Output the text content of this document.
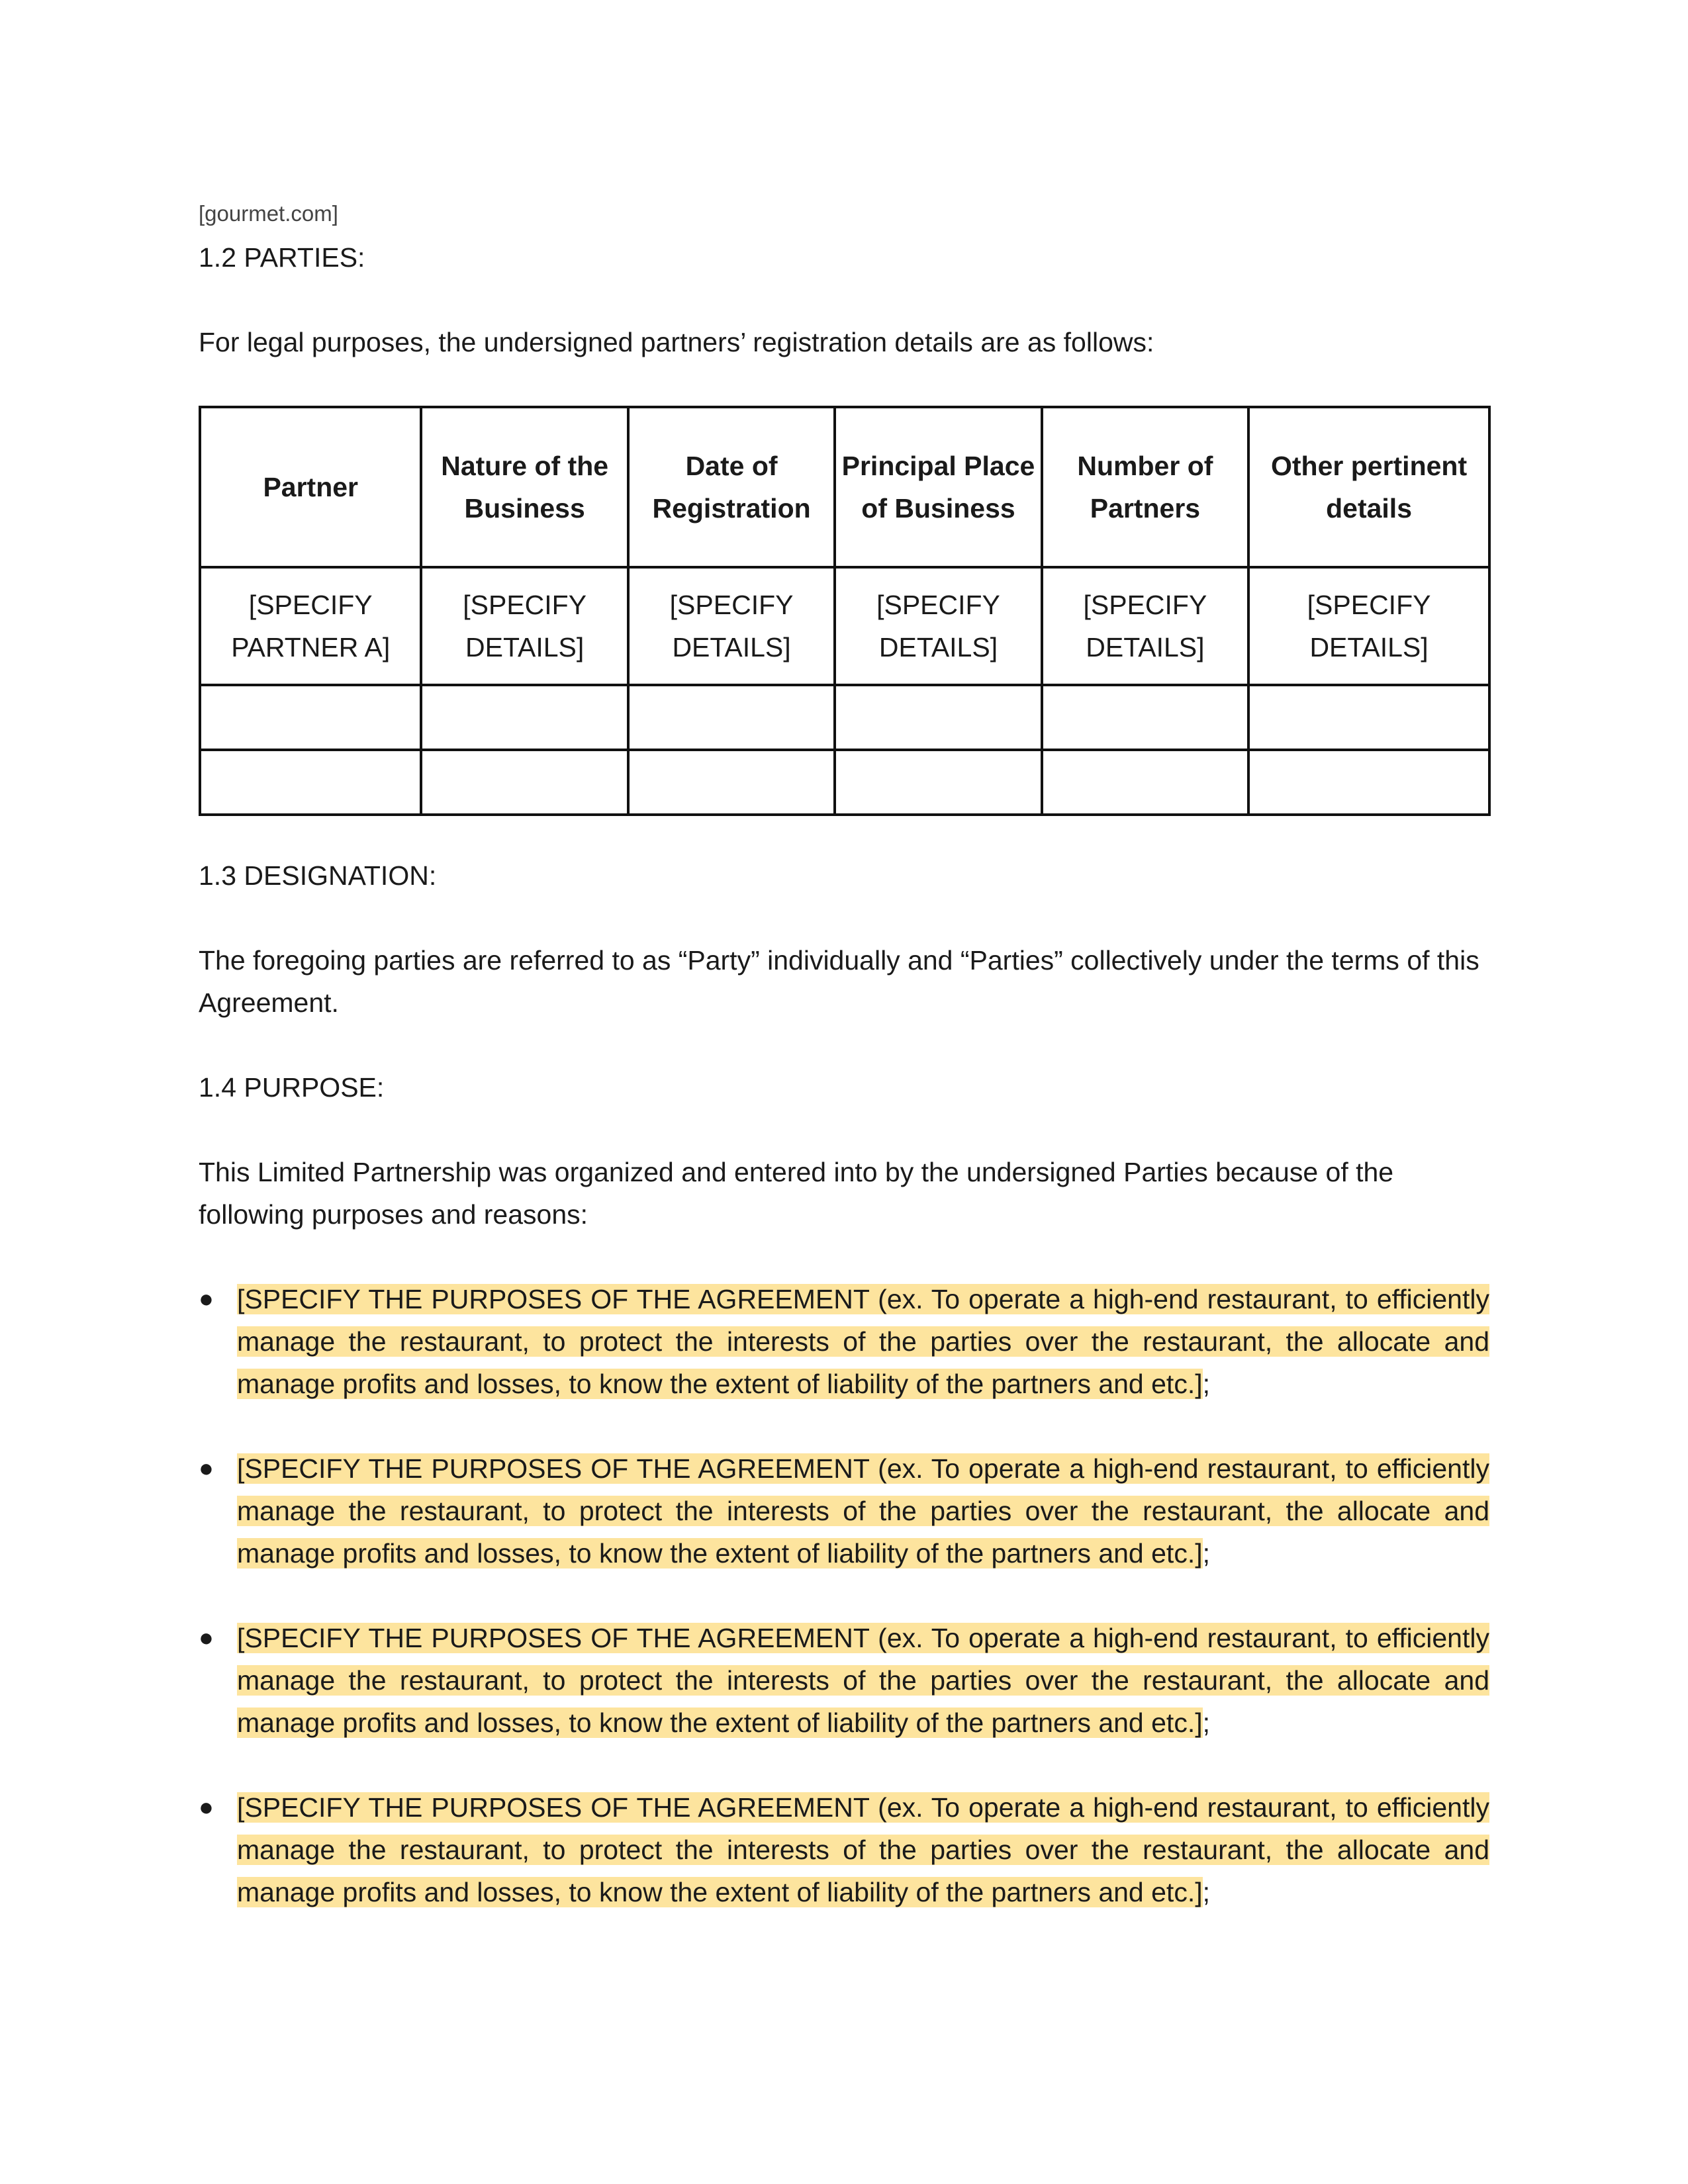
[gourmet.com]

1.2 PARTIES:

For legal purposes, the undersigned partners’ registration details are as follows:

Partner	Nature of the Business	Date of Registration	Principal Place of Business	Number of Partners	Other pertinent details
[SPECIFY PARTNER A]	[SPECIFY DETAILS]	[SPECIFY DETAILS]	[SPECIFY DETAILS]	[SPECIFY DETAILS]	[SPECIFY DETAILS]

1.3 DESIGNATION:

The foregoing parties are referred to as “Party” individually and “Parties” collectively under the terms of this Agreement.

1.4 PURPOSE:

This Limited Partnership was organized and entered into by the undersigned Parties because of the following purposes and reasons:

● [SPECIFY THE PURPOSES OF THE AGREEMENT (ex. To operate a high-end restaurant, to efficiently manage the restaurant, to protect the interests of the parties over the restaurant, the allocate and manage profits and losses, to know the extent of liability of the partners and etc.];
● [SPECIFY THE PURPOSES OF THE AGREEMENT (ex. To operate a high-end restaurant, to efficiently manage the restaurant, to protect the interests of the parties over the restaurant, the allocate and manage profits and losses, to know the extent of liability of the partners and etc.];
● [SPECIFY THE PURPOSES OF THE AGREEMENT (ex. To operate a high-end restaurant, to efficiently manage the restaurant, to protect the interests of the parties over the restaurant, the allocate and manage profits and losses, to know the extent of liability of the partners and etc.];
● [SPECIFY THE PURPOSES OF THE AGREEMENT (ex. To operate a high-end restaurant, to efficiently manage the restaurant, to protect the interests of the parties over the restaurant, the allocate and manage profits and losses, to know the extent of liability of the partners and etc.];
